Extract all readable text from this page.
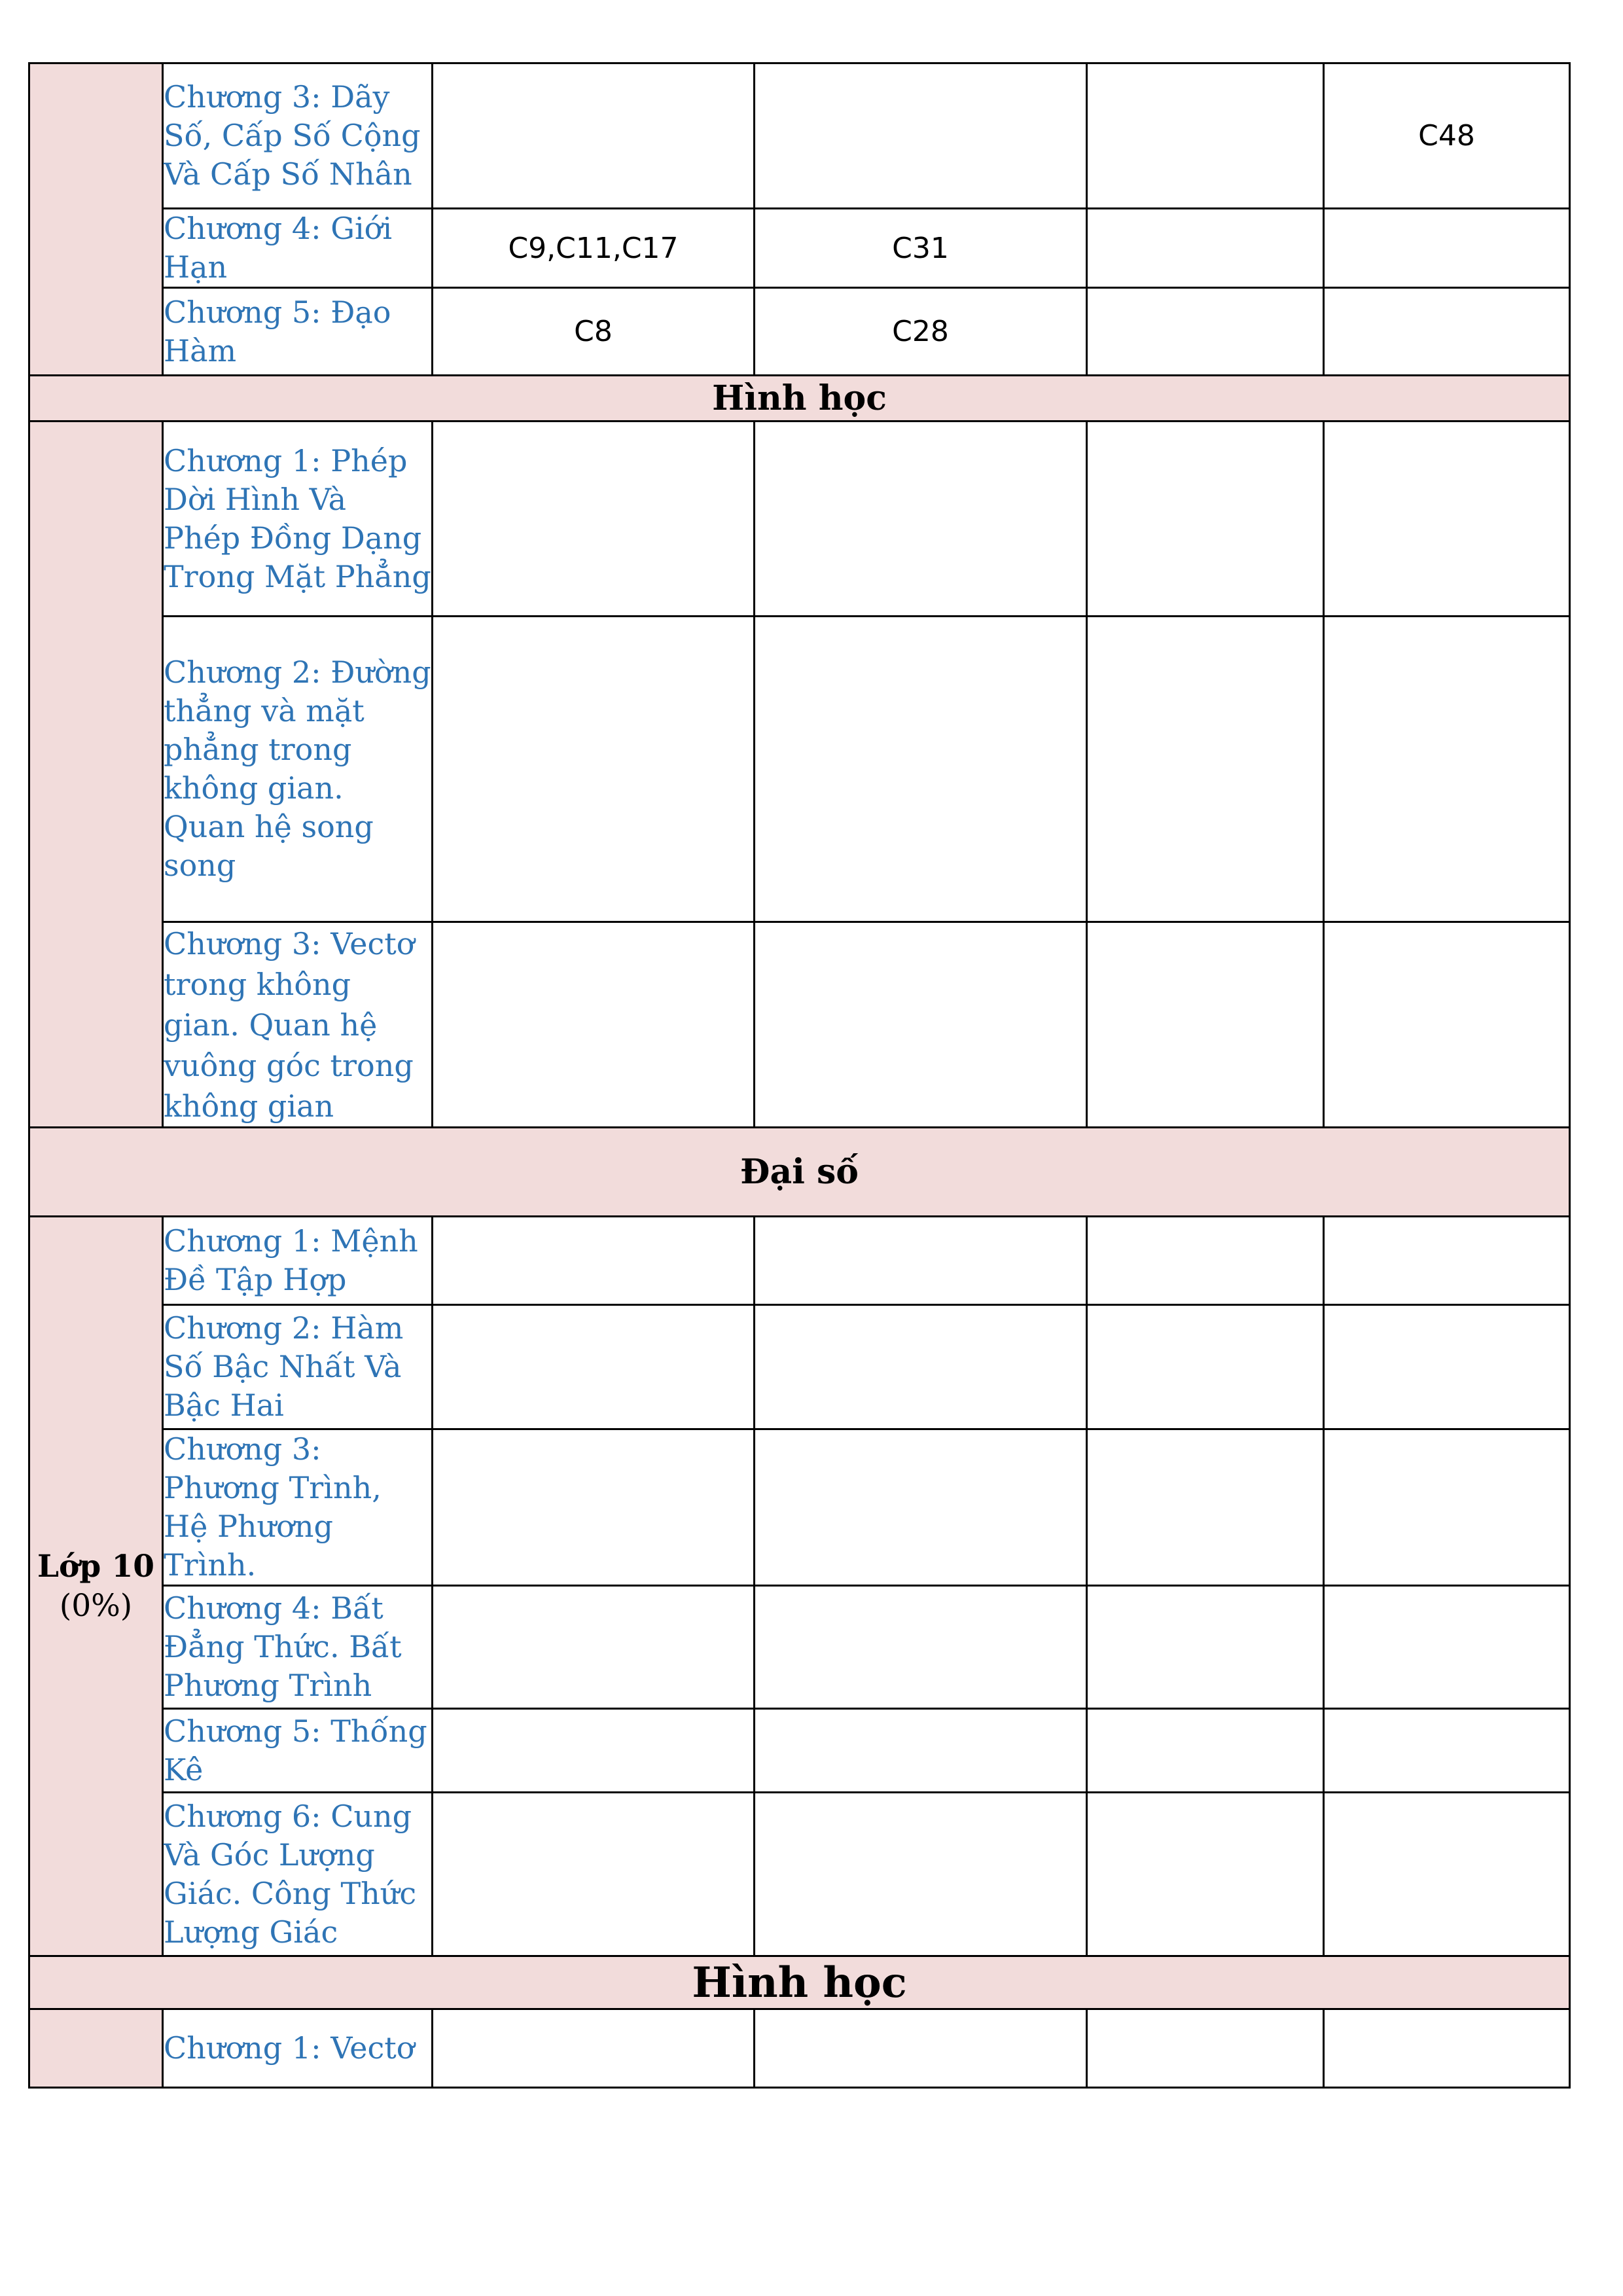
	Chương 3: Dãy Số, Cấp Số Cộng Và Cấp Số Nhân				C48
	Chương 4: Giới Hạn	C9,C11,C17	C31		
	Chương 5: Đạo Hàm	C8	C28		
Hình học					
	Chương 1: Phép Dời Hình Và Phép Đồng Dạng Trong Mặt Phẳng				
	Chương 2: Đường thẳng và mặt phẳng trong không gian. Quan hệ song song				
	Chương 3: Vectơ trong không gian. Quan hệ vuông góc trong không gian				
Đại số					

Lớp 10
(0%)	Chương 1: Mệnh Đề Tập Hợp				
	Chương 2: Hàm Số Bậc Nhất Và Bậc Hai				
	Chương 3: Phương Trình, Hệ Phương Trình.				
	Chương 4: Bất Đẳng Thức. Bất Phương Trình				
	Chương 5: Thống Kê				
	Chương 6: Cung Và Góc Lượng Giác. Công Thức Lượng Giác				
Hình học					
	Chương 1: Vectơ				
